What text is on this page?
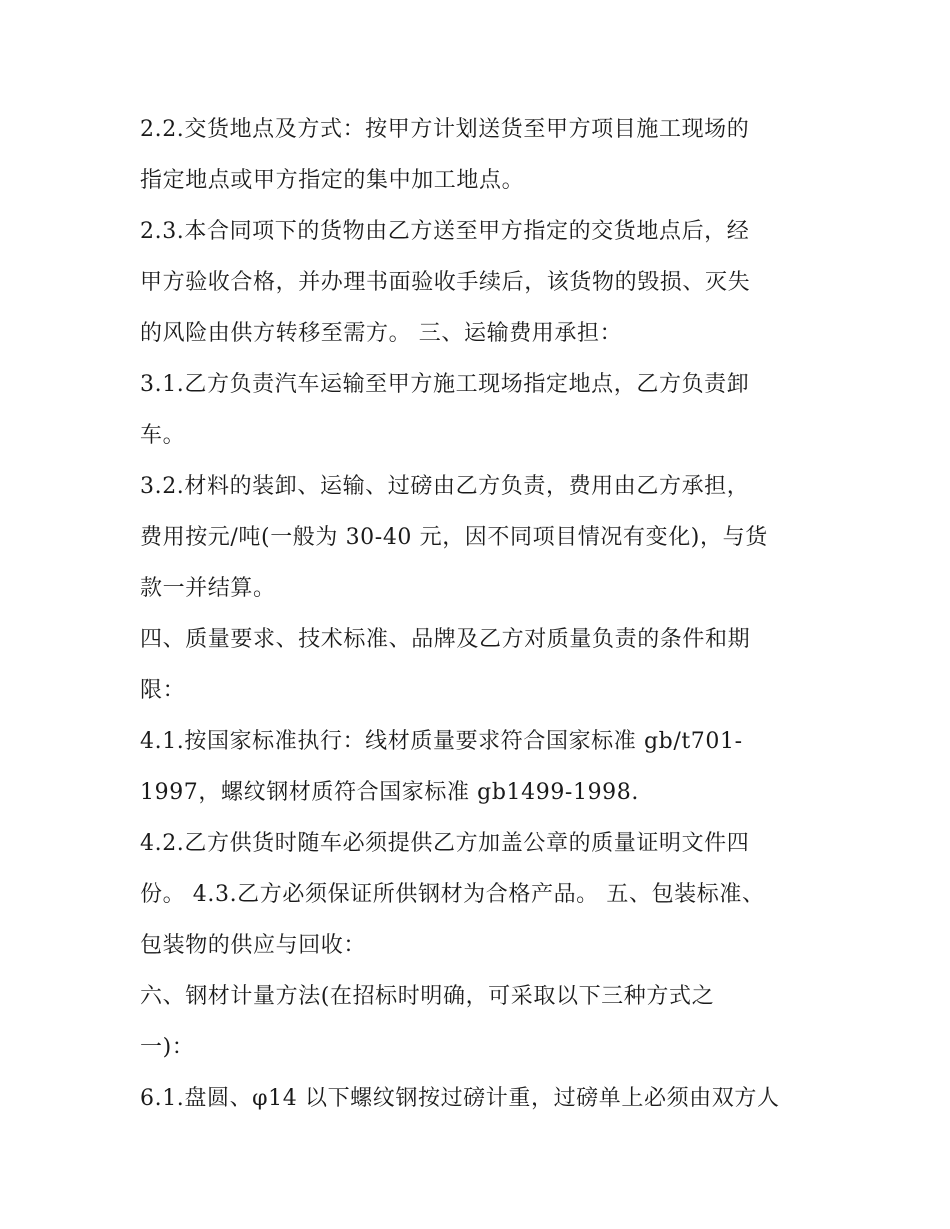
2.2.交货地点及方式：按甲方计划送货至甲方项目施工现场的

指定地点或甲方指定的集中加工地点。

2.3.本合同项下的货物由乙方送至甲方指定的交货地点后，经

甲方验收合格，并办理书面验收手续后，该货物的毁损、灭失

的风险由供方转移至需方。 三、运输费用承担：

3.1.乙方负责汽车运输至甲方施工现场指定地点，乙方负责卸

车。

3.2.材料的装卸、运输、过磅由乙方负责，费用由乙方承担，

费用按元/吨(一般为 30-40 元，因不同项目情况有变化)，与货

款一并结算。

四、质量要求、技术标准、品牌及乙方对质量负责的条件和期

限：

4.1.按国家标准执行：线材质量要求符合国家标准 gb/t701-

1997，螺纹钢材质符合国家标准 gb1499-1998.

4.2.乙方供货时随车必须提供乙方加盖公章的质量证明文件四

份。 4.3.乙方必须保证所供钢材为合格产品。 五、包装标准、

包装物的供应与回收：

六、钢材计量方法(在招标时明确，可采取以下三种方式之

一)：

6.1.盘圆、φ14 以下螺纹钢按过磅计重，过磅单上必须由双方人
